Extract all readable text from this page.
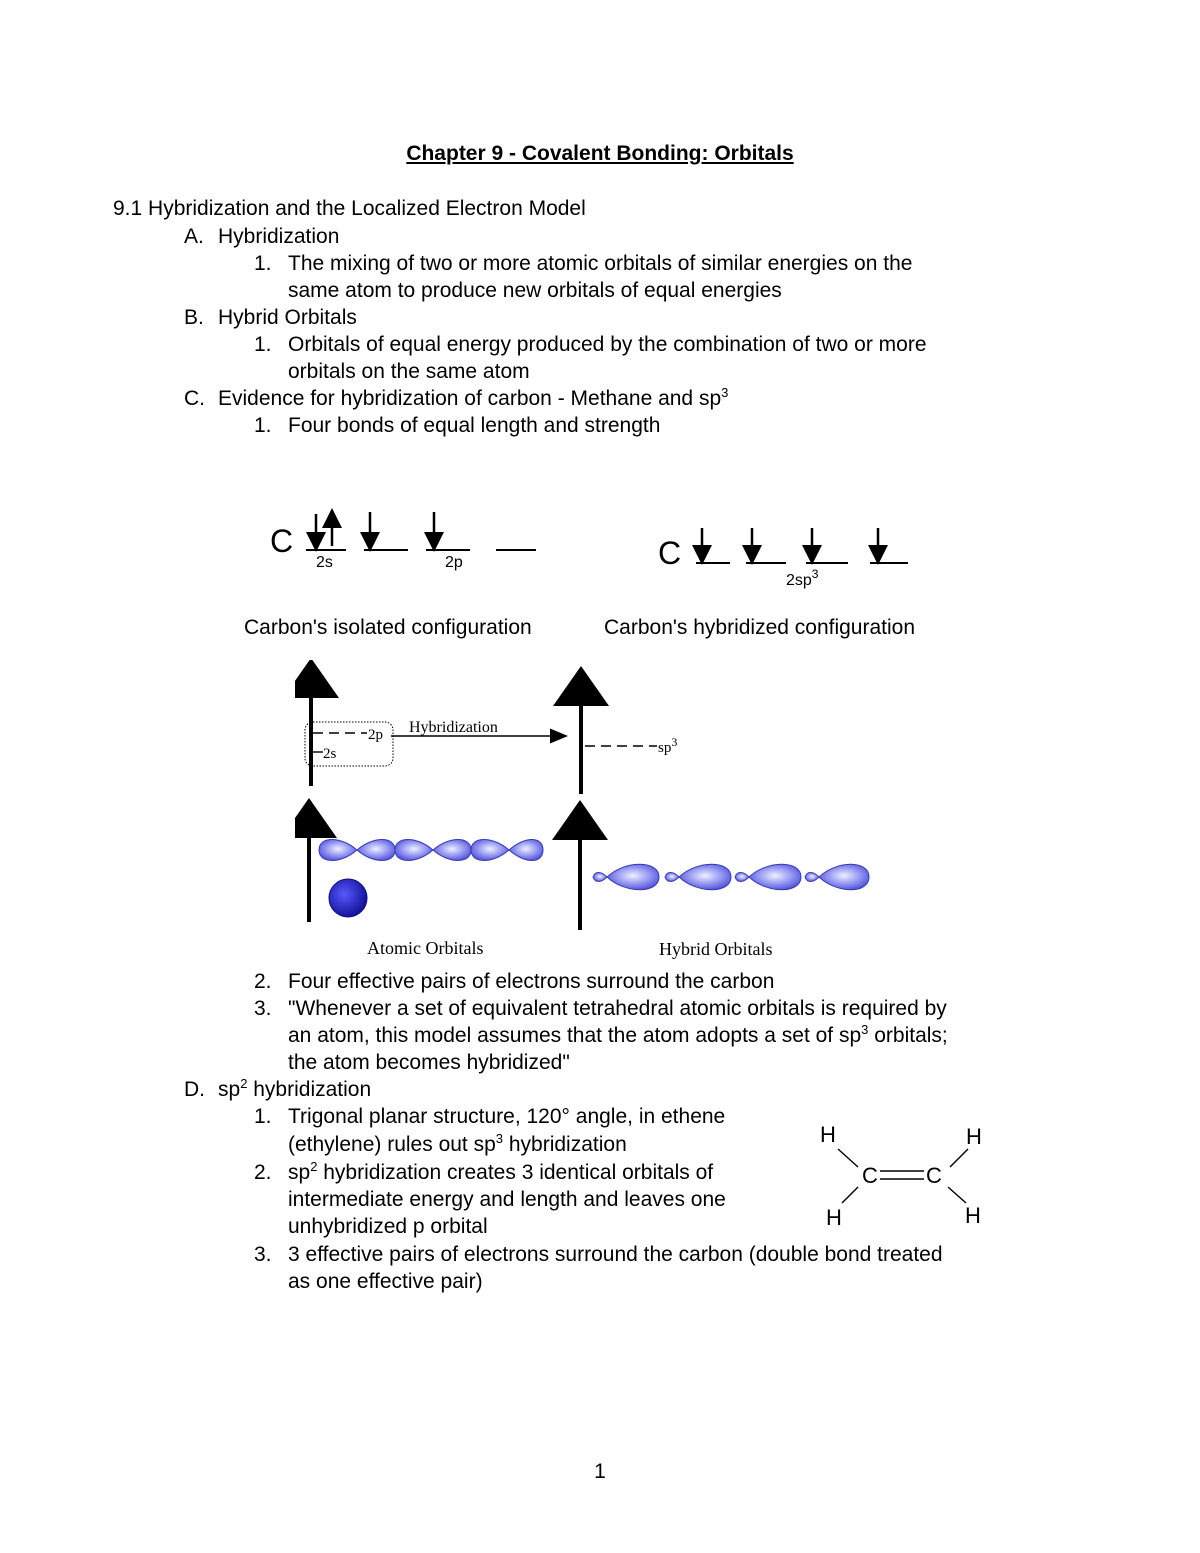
Chapter 9 - Covalent Bonding: Orbitals
9.1 Hybridization and the Localized Electron Model
A. Hybridization
1. The mixing of two or more atomic orbitals of similar energies on the
same atom to produce new orbitals of equal energies
B. Hybrid Orbitals
1. Orbitals of equal energy produced by the combination of two or more
orbitals on the same atom
C. Evidence for hybridization of carbon - Methane and $sp^3$
1. Four bonds of equal length and strength
C
2s	2p	C
$2sp^3$
Carbon's isolated configuration	Carbon's hybridized configuration
2p
2s
Hybridization
$sp^3$
Atomic Orbitals	Hybrid Orbitals
2. Four effective pairs of electrons surround the carbon
3. "Whenever a set of equivalent tetrahedral atomic orbitals is required by
an atom, this model assumes that the atom adopts a set of $sp^3$ orbitals;
the atom becomes hybridized"
D. $sp^2$ hybridization
1. Trigonal planar structure, 120° angle, in ethene
(ethylene) rules out $sp^3$ hybridization
2. $sp^2$ hybridization creates 3 identical orbitals of
intermediate energy and length and leaves one
unhybridized p orbital
3. 3 effective pairs of electrons surround the carbon (double bond treated
as one effective pair)
H	H
H	H
C C
1
